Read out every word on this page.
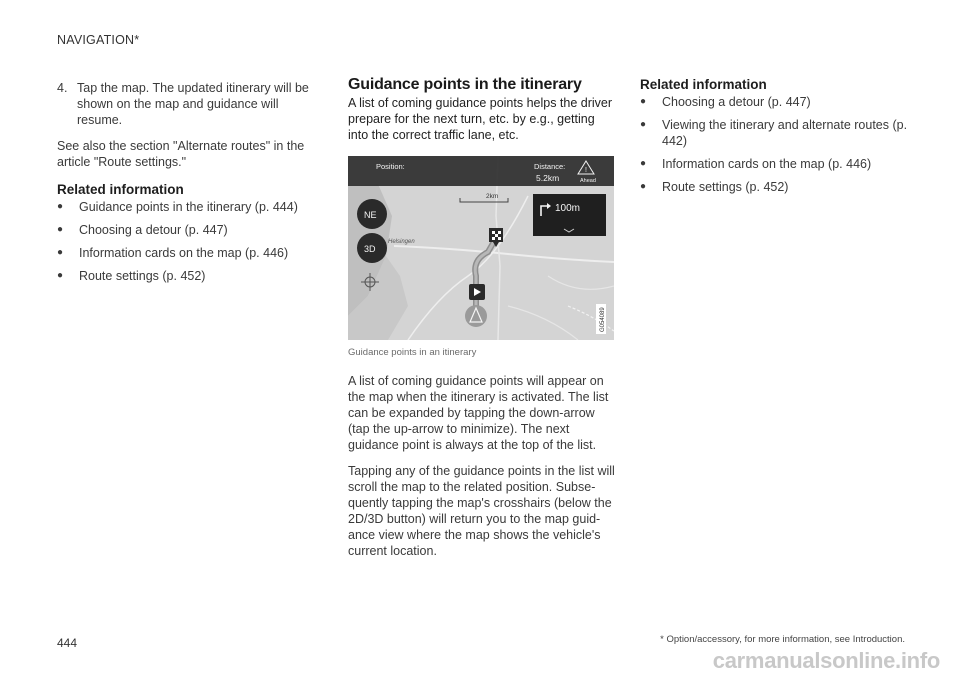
NAVIGATION*
4. Tap the map. The updated itinerary will be shown on the map and guidance will resume.

See also the section "Alternate routes" in the article "Route settings."

Related information
●	Guidance points in the itinerary (p. 444)
●	Choosing a detour (p. 447)
●	Information cards on the map (p. 446)
●	Route settings (p. 452)
Guidance points in the itinerary

A list of coming guidance points helps the driver prepare for the next turn, etc. by e.g., getting into the correct traffic lane, etc.

Position:	Distance:
5.2km
!
Ahead
2km
100m
Helsingen
NE
3D
G054089
Guidance points in an itinerary

A list of coming guidance points will appear on the map when the itinerary is activated. The list can be expanded by tapping the down-arrow (tap the up-arrow to minimize). The next guidance point is always at the top of the list.

Tapping any of the guidance points in the list will scroll the map to the related position. Subse-quently tapping the map's crosshairs (below the 2D/3D button) will return you to the map guid-ance view where the map shows the vehicle's current location.

Related information
●	Choosing a detour (p. 447)
●	Viewing the itinerary and alternate routes (p. 442)
●	Information cards on the map (p. 446)
●	Route settings (p. 452)
444	* Option/accessory, for more information, see Introduction.
carmanualsonline.info
